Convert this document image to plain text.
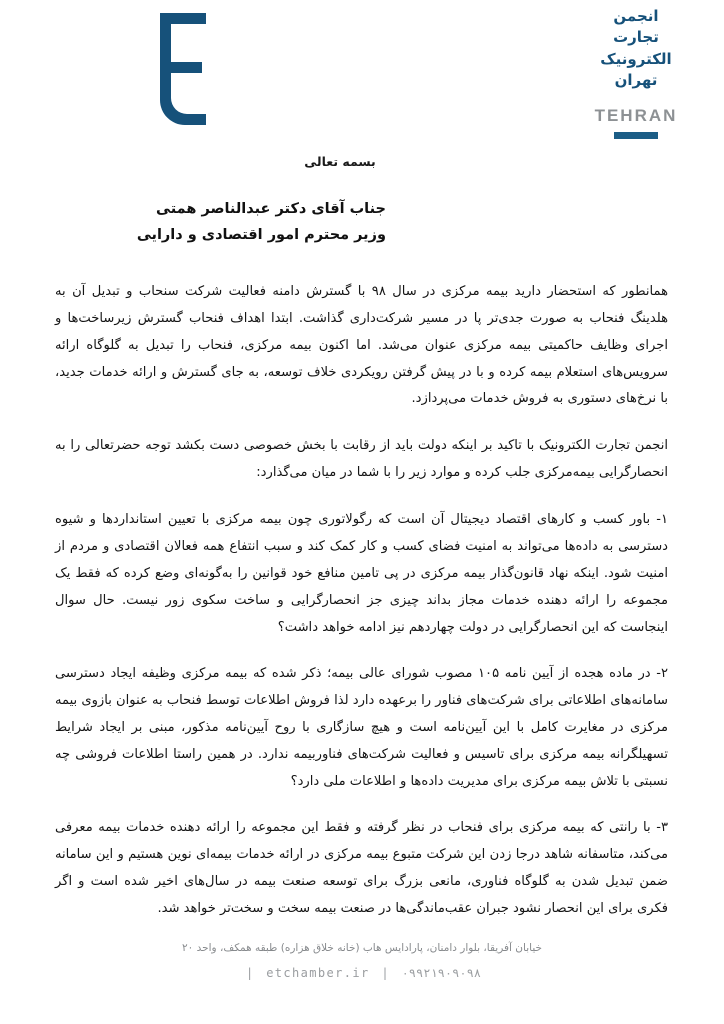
انجمن
تجارت
الکترونیک
تهران
TEHRAN
بسمه تعالی
جناب آقای دکتر عبدالناصر همتی
وزیر محترم امور اقتصادی و دارایی

همانطور که استحضار دارید بیمه مرکزی در سال ۹۸ با گسترش دامنه فعالیت شرکت سنحاب و تبدیل آن به هلدینگ فنحاب به صورت جدی‌تر پا در مسیر شرکت‌داری گذاشت. ابتدا اهداف فنحاب گسترش زیرساخت‌ها و اجرای وظایف حاکمیتی بیمه مرکزی عنوان می‌شد. اما اکنون بیمه مرکزی، فنحاب را تبدیل به گلوگاه ارائه سرویس‌های استعلام بیمه کرده و با در پیش گرفتن رویکردی خلاف توسعه، به جای گسترش و ارائه خدمات جدید، با نرخ‌های دستوری به فروش خدمات می‌پردازد.

انجمن تجارت الکترونیک با تاکید بر اینکه دولت باید از رقابت با بخش خصوصی دست بکشد توجه حضرتعالی را به انحصارگرایی بیمه‌مرکزی جلب کرده و موارد زیر را با شما در میان می‌گذارد:

۱- باور کسب و کارهای اقتصاد دیجیتال آن است که رگولاتوری چون بیمه مرکزی با تعیین استانداردها و شیوه دسترسی به داده‌ها می‌تواند به امنیت فضای کسب و کار کمک کند و سبب انتفاع همه فعالان اقتصادی و مردم از امنیت شود. اینکه نهاد قانون‌گذار بیمه مرکزی در پی تامین منافع خود قوانین را به‌گونه‌ای وضع کرده که فقط یک مجموعه را ارائه دهنده خدمات مجاز بداند چیزی جز انحصارگرایی و ساخت سکوی زور نیست. حال سوال اینجاست که این انحصارگرایی در دولت چهاردهم نیز ادامه خواهد داشت؟

۲- در ماده هجده از آیین نامه ۱۰۵ مصوب شورای عالی بیمه؛ ذکر شده که بیمه مرکزی وظیفه ایجاد دسترسی سامانه‌های اطلاعاتی برای شرکت‌های فناور را برعهده دارد لذا فروش اطلاعات توسط فنحاب به عنوان بازوی بیمه مرکزی در مغایرت کامل با این آیین‌نامه است و هیچ سازگاری با روح آیین‌نامه مذکور، مبنی بر ایجاد شرایط تسهیلگرانه بیمه مرکزی برای تاسیس و فعالیت شرکت‌های فناوربیمه ندارد. در همین راستا اطلاعات فروشی چه نسبتی با تلاش بیمه مرکزی برای مدیریت داده‌ها و اطلاعات ملی دارد؟

۳- با رانتی که بیمه مرکزی برای فنحاب در نظر گرفته و فقط این مجموعه را ارائه دهنده خدمات بیمه معرفی می‌کند، متاسفانه شاهد درجا زدن این شرکت متبوع بیمه مرکزی در ارائه خدمات بیمه‌ای نوین هستیم و این سامانه ضمن تبدیل شدن به گلوگاه فناوری، مانعی بزرگ برای توسعه صنعت بیمه در سال‌های اخیر شده است و اگر فکری برای این انحصار نشود جبران عقب‌ماندگی‌ها در صنعت بیمه سخت و سخت‌تر خواهد شد.

خیابان آفریقا، بلوار دامنان، پارادایس هاب (خانه خلاق هزاره) طبقه همکف، واحد ۲۰
| etchamber.ir | ۰۹۹۲۱۹۰۹۰۹۸
